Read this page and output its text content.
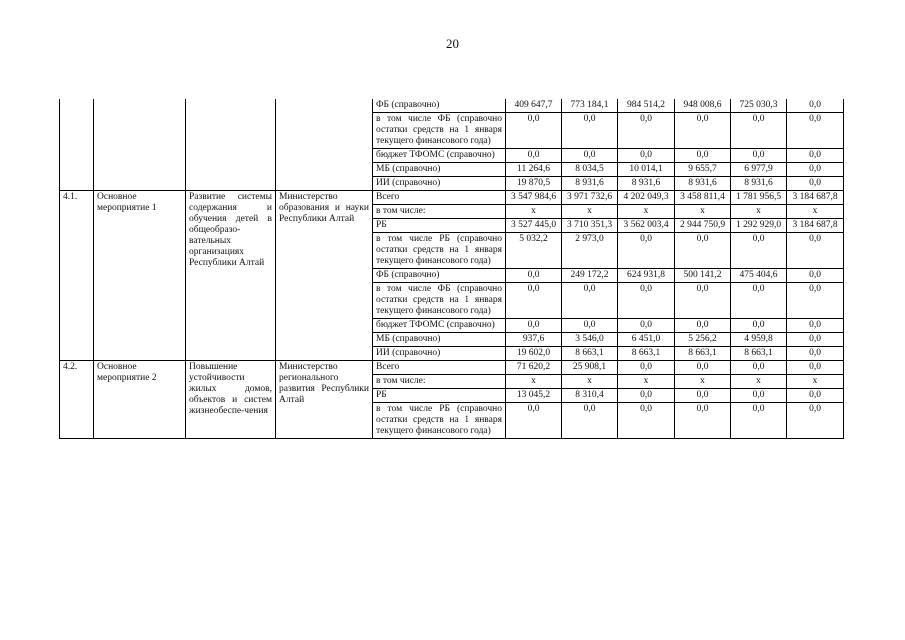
20
				ФБ (справочно)	409 647,7	773 184,1	984 514,2	948 008,6	725 030,3	0,0
				в том числе ФБ (справочно остатки средств на 1 января текущего финансового года)	0,0	0,0	0,0	0,0	0,0	0,0
				бюджет ТФОМС (справочно)	0,0	0,0	0,0	0,0	0,0	0,0
				МБ (справочно)	11 264,6	8 034,5	10 014,1	9 655,7	6 977,9	0,0
				ИИ (справочно)	19 870,5	8 931,6	8 931,6	8 931,6	8 931,6	0,0
4.1.	Основное мероприятие 1	Развитие системы содержания и обучения детей в общеобразо-вательных организациях Республики Алтай	Министерство образования и науки Республики Алтай	Всего	3 547 984,6	3 971 732,6	4 202 049,3	3 458 811,4	1 781 956,5	3 184 687,8
				в том числе:	х	х	х	х	х	х
				РБ	3 527 445,0	3 710 351,3	3 562 003,4	2 944 750,9	1 292 929,0	3 184 687,8
				в том числе РБ (справочно остатки средств на 1 января текущего финансового года)	5 032,2	2 973,0	0,0	0,0	0,0	0,0
				ФБ (справочно)	0,0	249 172,2	624 931,8	500 141,2	475 404,6	0,0
				в том числе ФБ (справочно остатки средств на 1 января текущего финансового года)	0,0	0,0	0,0	0,0	0,0	0,0
				бюджет ТФОМС (справочно)	0,0	0,0	0,0	0,0	0,0	0,0
				МБ (справочно)	937,6	3 546,0	6 451,0	5 256,2	4 959,8	0,0
				ИИ (справочно)	19 602,0	8 663,1	8 663,1	8 663,1	8 663,1	0,0
4.2.	Основное мероприятие 2	Повышение устойчивости жилых домов, объектов и систем жизнеобеспе-чения	Министерство регионального развития Республики Алтай	Всего	71 620,2	25 908,1	0,0	0,0	0,0	0,0
				в том числе:	х	х	х	х	х	х
				РБ	13 045,2	8 310,4	0,0	0,0	0,0	0,0
				в том числе РБ (справочно остатки средств на 1 января текущего финансового года)	0,0	0,0	0,0	0,0	0,0	0,0
